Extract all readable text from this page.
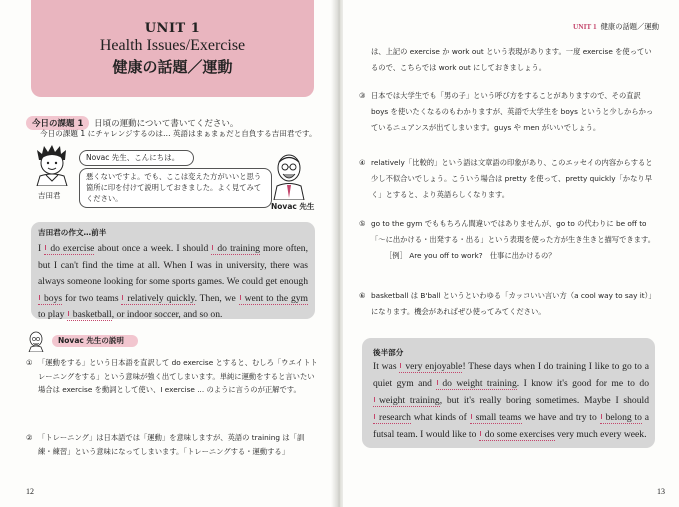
UNIT 1
Health Issues/Exercise
健康の話題／運動
今日の課題 1 日頃の運動について書いてください。
今日の課題 1 にチャレンジするのは… 英語はまぁまぁだと自負する吉田君です。
吉田君
Novac 先生、こんにちは。
悪くないですよ。でも、ここは変えた方がいいと思う箇所に印を付けて説明しておきました。よく見てみてください。
Novac 先生
吉田君の作文…前半
I do exercise about once a week. I should do training more often, but I can't find the time at all. When I was in university, there was always someone looking for some sports games. We could get enough boys for two teams relatively quickly. Then, we went to the gym to play basketball, or indoor soccer, and so on.
Novac 先生の説明
① 「運動をする」という日本語を直訳して do exercise とすると、むしろ「ウエイトトレーニングをする」という意味が強く出てしまいます。単純に運動をすると言いたい場合は exercise を動詞として使い、I exercise ... のように言うのが正解です。
② 「トレーニング」は日本語では「運動」を意味しますが、英語の training は「訓練・練習」という意味になってしまいます。「トレーニングする・運動する」
12
UNIT 1 健康の話題／運動
は、上記の exercise か work out という表現があります。一度 exercise を使っているので、こちらでは work out にしておきましょう。
③ 日本では大学生でも「男の子」という呼び方をすることがありますので、その直訳 boys を使いたくなるのもわかりますが、英語で大学生を boys というと少しからかっているニュアンスが出てしまいます。guys や men がいいでしょう。
④ relatively「比較的」という語は文章語の印象があり、このエッセイの内容からすると少し不似合いでしょう。こういう場合は pretty を使って、pretty quickly「かなり早く」とすると、より英語らしくなります。
⑤ go to the gym でももちろん間違いではありませんが、go to の代わりに be off to「～に出かける・出発する・出る」という表現を使った方が生き生きと描写できます。
［例］ Are you off to work?　仕事に出かけるの？
⑥ basketball は B'ball というといわゆる「カッコいい言い方（a cool way to say it）」になります。機会があればぜひ使ってみてください。
後半部分
It was very enjoyable! These days when I do training I like to go to a quiet gym and do weight training. I know it's good for me to do weight training, but it's really boring sometimes. Maybe I should research what kinds of small teams we have and try to belong to a futsal team. I would like to do some exercises very much every week.
13
